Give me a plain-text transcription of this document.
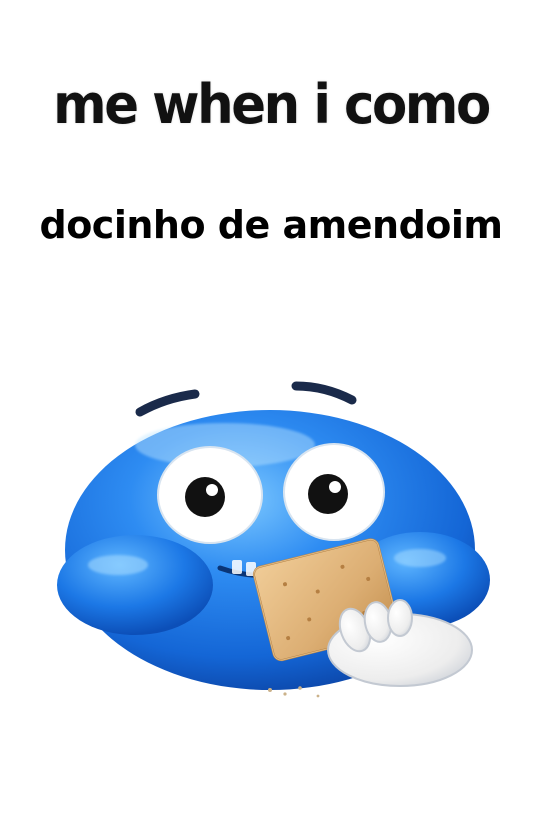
me when i como
docinho de amendoim
